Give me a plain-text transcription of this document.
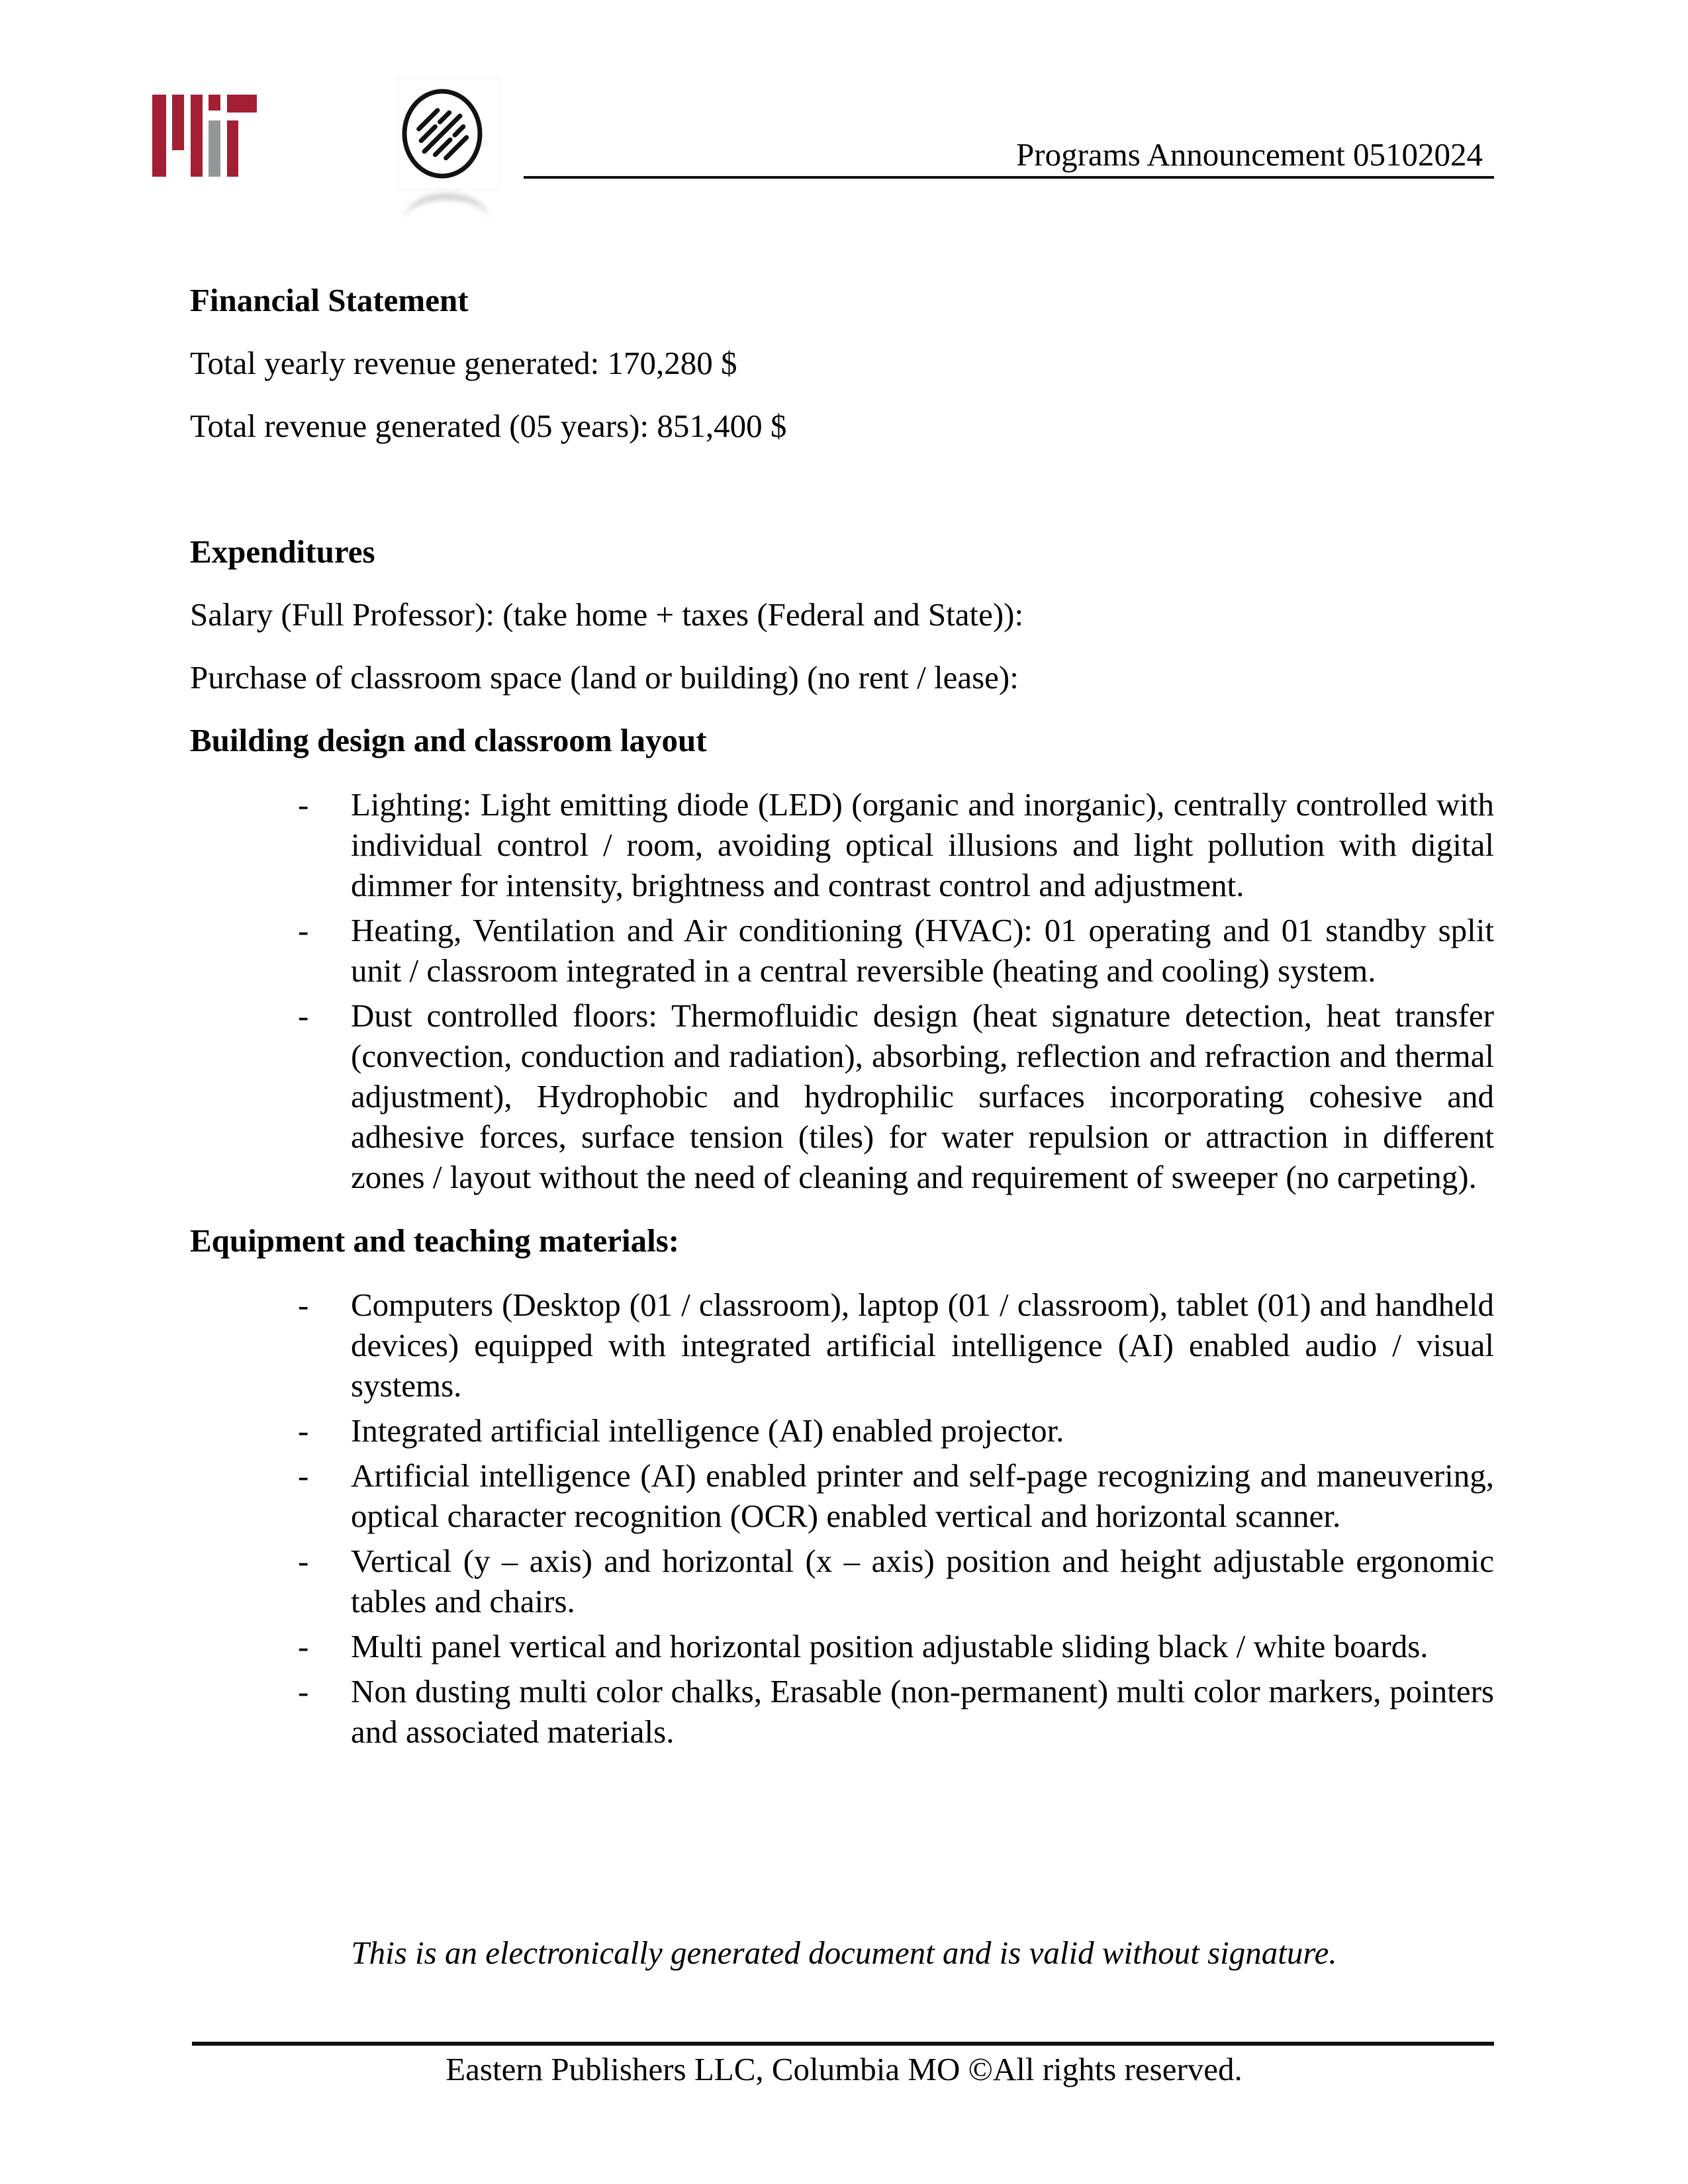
Programs Announcement 05102024
Financial Statement

Total yearly revenue generated: 170,280 $

Total revenue generated (05 years): 851,400 $

Expenditures

Salary (Full Professor): (take home + taxes (Federal and State)):

Purchase of classroom space (land or building) (no rent / lease):

Building design and classroom layout
-	Lighting: Light emitting diode (LED) (organic and inorganic), centrally controlled with individual control / room, avoiding optical illusions and light pollution with digital dimmer for intensity, brightness and contrast control and adjustment.
-	Heating, Ventilation and Air conditioning (HVAC): 01 operating and 01 standby split unit / classroom integrated in a central reversible (heating and cooling) system.
-	Dust controlled floors: Thermofluidic design (heat signature detection, heat transfer (convection, conduction and radiation), absorbing, reflection and refraction and thermal adjustment), Hydrophobic and hydrophilic surfaces incorporating cohesive and adhesive forces, surface tension (tiles) for water repulsion or attraction in different zones / layout without the need of cleaning and requirement of sweeper (no carpeting).
Equipment and teaching materials:
-	Computers (Desktop (01 / classroom), laptop (01 / classroom), tablet (01) and handheld devices) equipped with integrated artificial intelligence (AI) enabled audio / visual systems.
-	Integrated artificial intelligence (AI) enabled projector.
-	Artificial intelligence (AI) enabled printer and self-page recognizing and maneuvering, optical character recognition (OCR) enabled vertical and horizontal scanner.
-	Vertical (y – axis) and horizontal (x – axis) position and height adjustable ergonomic tables and chairs.
-	Multi panel vertical and horizontal position adjustable sliding black / white boards.
-	Non dusting multi color chalks, Erasable (non-permanent) multi color markers, pointers and associated materials.
This is an electronically generated document and is valid without signature.
Eastern Publishers LLC, Columbia MO ©All rights reserved.
